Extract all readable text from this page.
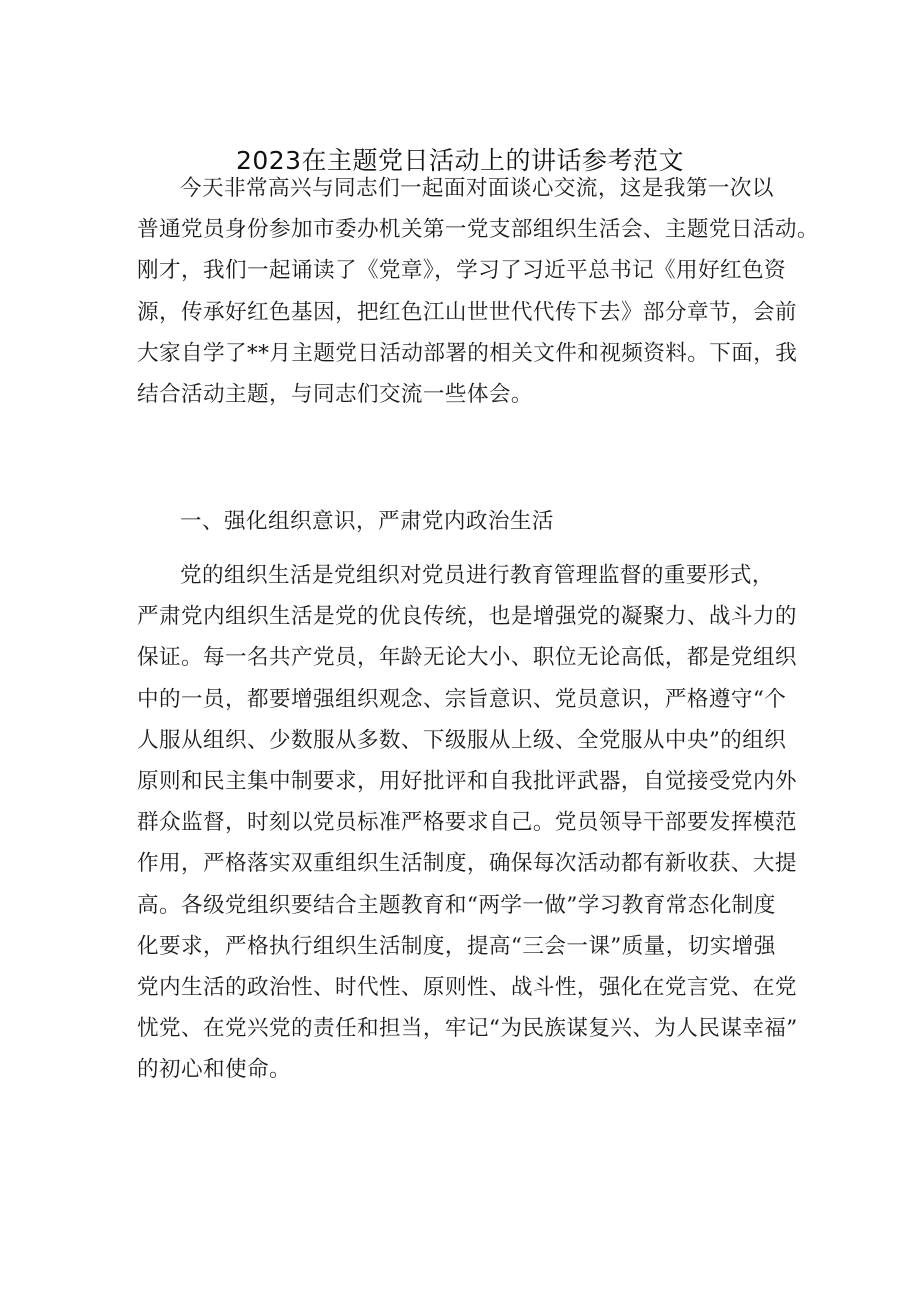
2023在主题党日活动上的讲话参考范文
今天非常高兴与同志们一起面对面谈心交流，这是我第一次以
普通党员身份参加市委办机关第一党支部组织生活会、主题党日活动。
刚才，我们一起诵读了《党章》，学习了习近平总书记《用好红色资
源，传承好红色基因，把红色江山世世代代传下去》部分章节，会前
大家自学了**月主题党日活动部署的相关文件和视频资料。下面，我
结合活动主题，与同志们交流一些体会。
一、强化组织意识，严肃党内政治生活
党的组织生活是党组织对党员进行教育管理监督的重要形式，
严肃党内组织生活是党的优良传统，也是增强党的凝聚力、战斗力的
保证。每一名共产党员，年龄无论大小、职位无论高低，都是党组织
中的一员，都要增强组织观念、宗旨意识、党员意识，严格遵守“个
人服从组织、少数服从多数、下级服从上级、全党服从中央”的组织
原则和民主集中制要求，用好批评和自我批评武器，自觉接受党内外
群众监督，时刻以党员标准严格要求自己。党员领导干部要发挥模范
作用，严格落实双重组织生活制度，确保每次活动都有新收获、大提
高。各级党组织要结合主题教育和“两学一做”学习教育常态化制度
化要求，严格执行组织生活制度，提高“三会一课”质量，切实增强
党内生活的政治性、时代性、原则性、战斗性，强化在党言党、在党
忧党、在党兴党的责任和担当，牢记“为民族谋复兴、为人民谋幸福”
的初心和使命。
